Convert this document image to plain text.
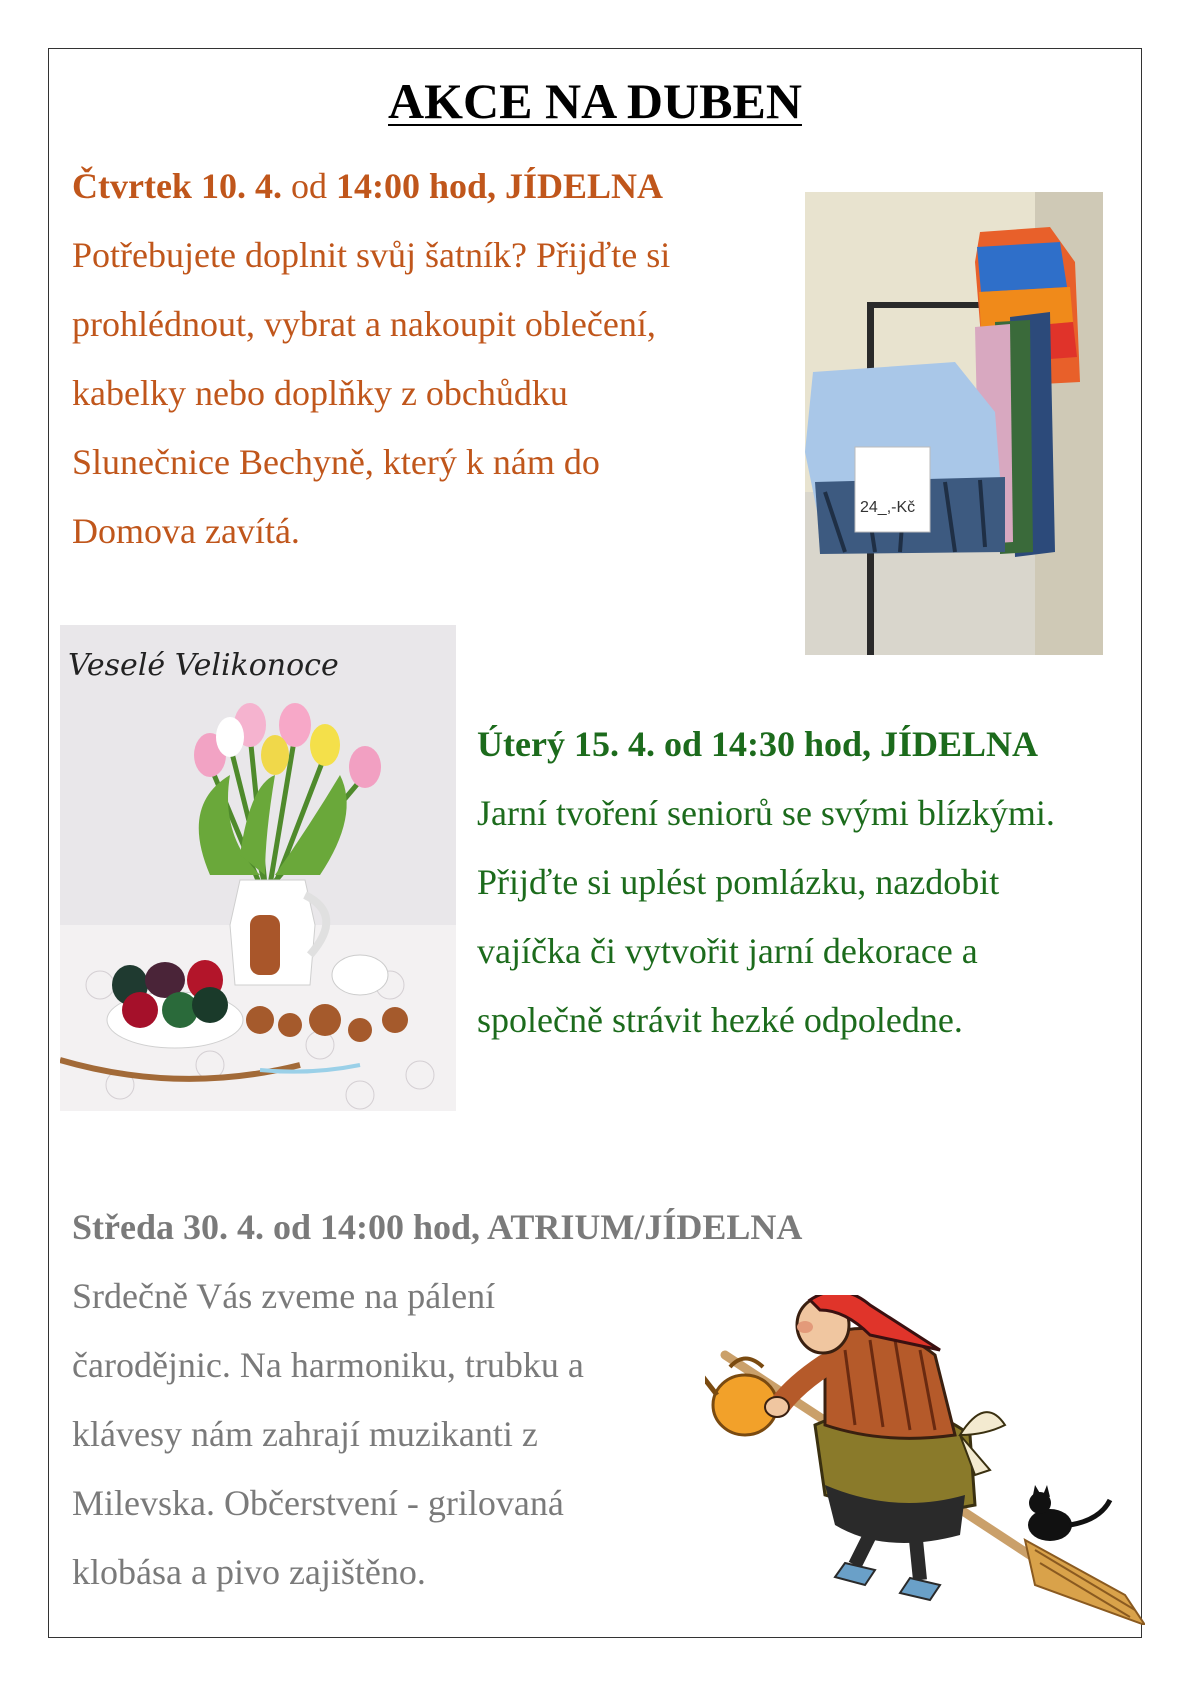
AKCE NA DUBEN
Čtvrtek 10. 4. od 14:00 hod, JÍDELNA
Potřebujete doplnit svůj šatník? Přijďte si
prohlédnout, vybrat a nakoupit oblečení,
kabelky nebo doplňky z obchůdku
Slunečnice Bechyně, který k nám do
Domova zavítá.
24_,-Kč
Veselé Velikonoce
Úterý 15. 4. od 14:30 hod, JÍDELNA
Jarní tvoření seniorů se svými blízkými.
Přijďte si uplést pomlázku, nazdobit
vajíčka či vytvořit jarní dekorace a
společně strávit hezké odpoledne.
Středa 30. 4. od 14:00 hod, ATRIUM/JÍDELNA
Srdečně Vás zveme na pálení
čarodějnic. Na harmoniku, trubku a
klávesy nám zahrají muzikanti z
Milevska. Občerstvení - grilovaná
klobása a pivo zajištěno.
